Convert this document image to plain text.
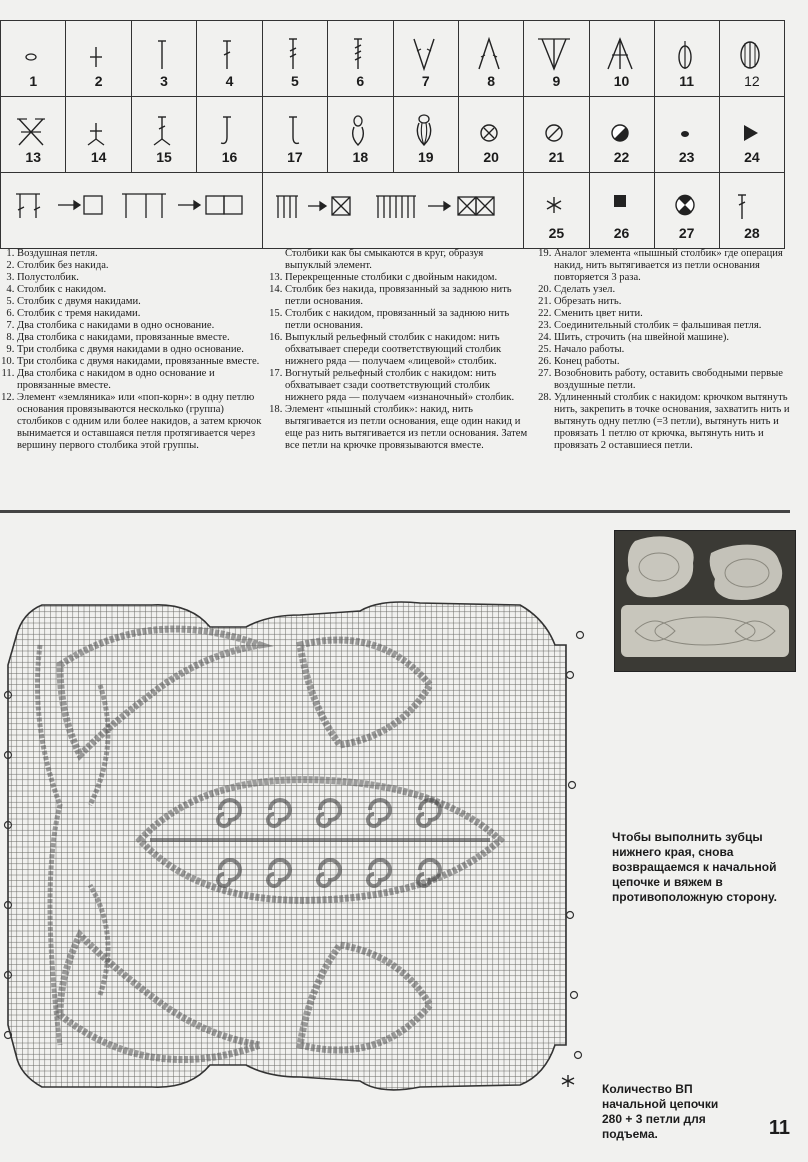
1	2	3	4	5	6	7	8	9	10	11	12

13	14	15	16	17	18	19	20	21	22	23	24

25	26	27	28
1. Воздушная петля.
2. Столбик без накида.
3. Полустолбик.
4. Столбик с накидом.
5. Столбик с двумя накидами.
6. Столбик с тремя накидами.
7. Два столбика с накидами в одно основание.
8. Два столбика с накидами, провязанные вместе.
9. Три столбика с двумя накидами в одно основание.
10. Три столбика с двумя накидами, провязанные вместе.
11. Два столбика с накидом в одно основание и провязанные вместе.
12. Элемент «земляника» или «поп-корн»: в одну петлю основания провязываются несколько (группа) столбиков с одним или более накидов, а затем крючок вынимается и оставшаяся петля протягивается через вершину первого столбика этой группы.
Столбики как бы смыкаются в круг, образуя выпуклый элемент.
13. Перекрещенные столбики с двойным накидом.
14. Столбик без накида, провязанный за заднюю нить петли основания.
15. Столбик с накидом, провязанный за заднюю нить петли основания.
16. Выпуклый рельефный столбик с накидом: нить обхватывает спереди соответствующий столбик нижнего ряда — получаем «лицевой» столбик.
17. Вогнутый рельефный столбик с накидом: нить обхватывает сзади соответствующий столбик нижнего ряда — получаем «изнаночный» столбик.
18. Элемент «пышный столбик»: накид, нить вытягивается из петли основания, еще один накид и еще раз нить вытягивается из петли основания. Затем все петли на крючке провязываются вместе.
19. Аналог элемента «пышный столбик» где операция накид, нить вытягивается из петли основания повторяется 3 раза.
20. Сделать узел.
21. Обрезать нить.
22. Сменить цвет нити.
23. Соединительный столбик = фальшивая петля.
24. Шить, строчить (на швейной машине).
25. Начало работы.
26. Конец работы.
27. Возобновить работу, оставить свободными первые воздушные петли.
28. Удлиненный столбик с накидом: крючком вытянуть нить, закрепить в точке основания, захватить нить и вытянуть одну петлю (=3 петли), вытянуть нить и провязать 1 петлю от крючка, вытянуть нить и провязать 2 оставшиеся петли.
Чтобы выполнить зубцы нижнего края, снова возвращаемся к начальной цепочке и вяжем в противоположную сторону.
Количество ВП
начальной цепочки
280 + 3 петли для
подъема.	11
